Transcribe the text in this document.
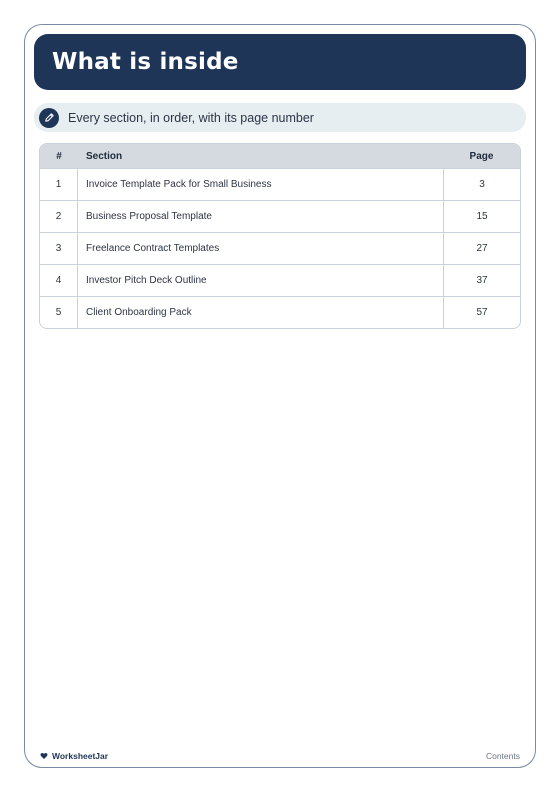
What is inside
Every section, in order, with its page number
#	Section	Page
1	Invoice Template Pack for Small Business	3
2	Business Proposal Template	15
3	Freelance Contract Templates	27
4	Investor Pitch Deck Outline	37
5	Client Onboarding Pack	57
WorksheetJar	Contents
